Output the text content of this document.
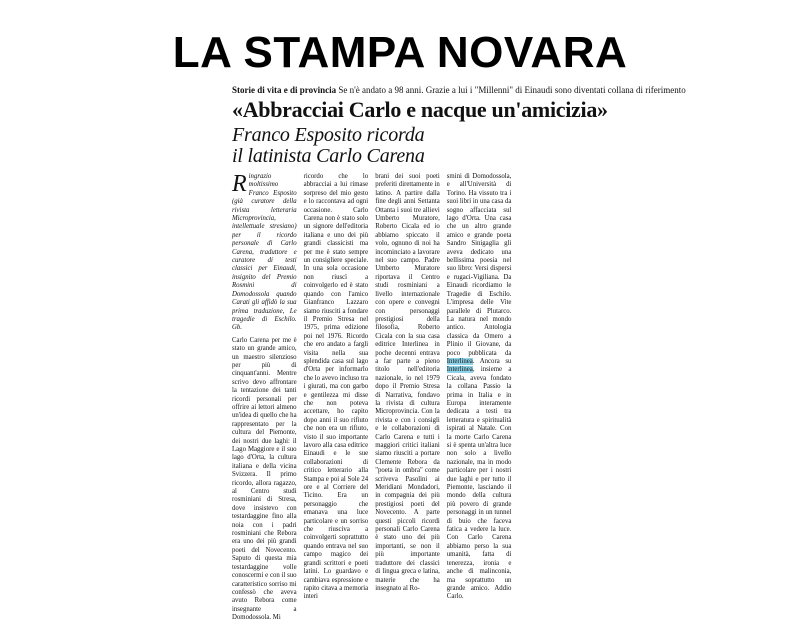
LA STAMPA NOVARA
Storie di vita e di provincia Se n'è andato a 98 anni. Grazie a lui i "Millenni" di Einaudi sono diventati collana di riferimento
«Abbracciai Carlo e nacque un'amicizia»
Franco Esposito ricorda
il latinista Carlo Carena

R ingrazio moltissimo Franco Esposito (già curatore della rivista letteraria Microprovincia, intellettuale stresiano) per il ricordo personale di Carlo Carena, traduttore e curatore di testi classici per Einaudi, insignito del Premio Rosmini di Domodossola quando Carati gli affidò la sua prima traduzione, Le tragedie di Eschilo. Gb.

Carlo Carena per me è stato un grande amico, un maestro silenzioso per più di cinquant'anni. Mentre scrivo devo affrontare la tentazione dei tanti ricordi personali per offrire ai lettori almeno un'idea di quello che ha rappresentato per la cultura del Piemonte, dei nostri due laghi: il Lago Maggiore e il suo lago d'Orta, la cultura italiana e della vicina Svizzera. Il primo ricordo, allora ragazzo, al Centro studi rosminiani di Stresa, dove insistevo con testardaggine fino alla noia con i padri rosminiani che Rebora era uno dei più grandi poeti del Novecento. Saputo di questa mia testardaggine volle conoscermi e con il suo caratteristico sorriso mi confessò che aveva avuto Rebora come insegnante a Domodossola. Mi

ricordo che lo abbracciai a lui rimase sorpreso del mio gesto e lo raccontava ad ogni occasione. Carlo Carena non è stato solo un signore dell'editoria italiana e uno dei più grandi classicisti ma per me è stato sempre un consigliere speciale. In una sola occasione non riuscì a coinvolgerlo ed è stato quando con l'amico Gianfranco Lazzaro siamo riusciti a fondare il Premio Stresa nel 1975, prima edizione poi nel 1976. Ricordo che ero andato a fargli visita nella sua splendida casa sul lago d'Orta per informarlo che lo avevo incluso tra i giurati, ma con garbo e gentilezza mi disse che non poteva accettare, ho capito dopo anni il suo rifiuto che non era un rifiuto, visto il suo importante lavoro alla casa editrice Einaudi e le sue collaborazioni di critico letterario alla Stampa e poi al Sole 24 ore e al Corriere del Ticino. Era un personaggio che emanava una luce particolare e un sorriso che riusciva a coinvolgerti soprattutto quando entrava nel suo campo magico dei grandi scrittori e poeti latini. Lo guardavo e cambiava espressione e rapito citava a memoria interi

brani dei suoi poeti preferiti direttamente in latino. A partire dalla fine degli anni Settanta Ottanta i suoi tre allievi Umberto Muratore, Roberto Cicala ed io abbiamo spiccato il volo, ognuno di noi ha incominciato a lavorare nel suo campo. Padre Umberto Muratore riportava il Centro studi rosminiani a livello internazionale con opere e convegni con personaggi prestigiosi della filosofia, Roberto Cicala con la sua casa editrice Interlinea in poche decenni entrava a far parte a pieno titolo nell'editoria nazionale, io nel 1979 dopo il Premio Stresa di Narrativa, fondavo la rivista di cultura Microprovincia. Con la rivista e con i consigli e le collaborazioni di Carlo Carena e tutti i maggiori critici italiani siamo riusciti a portare Clemente Rebora da "poeta in ombra" come scriveva Pasolini ai Meridiani Mondadori, in compagnia dei più prestigiosi poeti del Novecento. A parte questi piccoli ricordi personali Carlo Carena è stato uno dei più importanti, se non il più importante traduttore dei classici di lingua greca e latina, materie che ha insegnato al Ro-

smini di Domodossola, e all'Università di Torino. Ha vissuto tra i suoi libri in una casa da sogno affacciata sul lago d'Orta. Una casa che un altro grande amico e grande poeta Sandro Sinigaglia gli aveva dedicato una bellissima poesia nel suo libro: Versi dispersi e rugaci-Vigiliana. Da Einaudi ricordiamo le Tragedie di Eschilo. L'impresa delle Vite parallele di Plutarco. La natura nel mondo antico. Antologia classica da Omero a Plinio il Giovane, da poco pubblicata da Interlinea. Ancora su Interlinea, insieme a Cicala, aveva fondato la collana Passio la prima in Italia e in Europa interamente dedicata a testi tra letteratura e spiritualità ispirati al Natale. Con la morte Carlo Carena si è spenta un'altra luce non solo a livello nazionale, ma in modo particolare per i nostri due laghi e per tutto il Piemonte, lasciando il mondo della cultura più povero di grande personaggi in un tunnel di buio che faceva fatica a vedere la luce. Con Carlo Carena abbiamo perso la sua umanità, fatta di tenerezza, ironia e anche di malinconia, ma soprattutto un grande amico. Addio Carlo.
